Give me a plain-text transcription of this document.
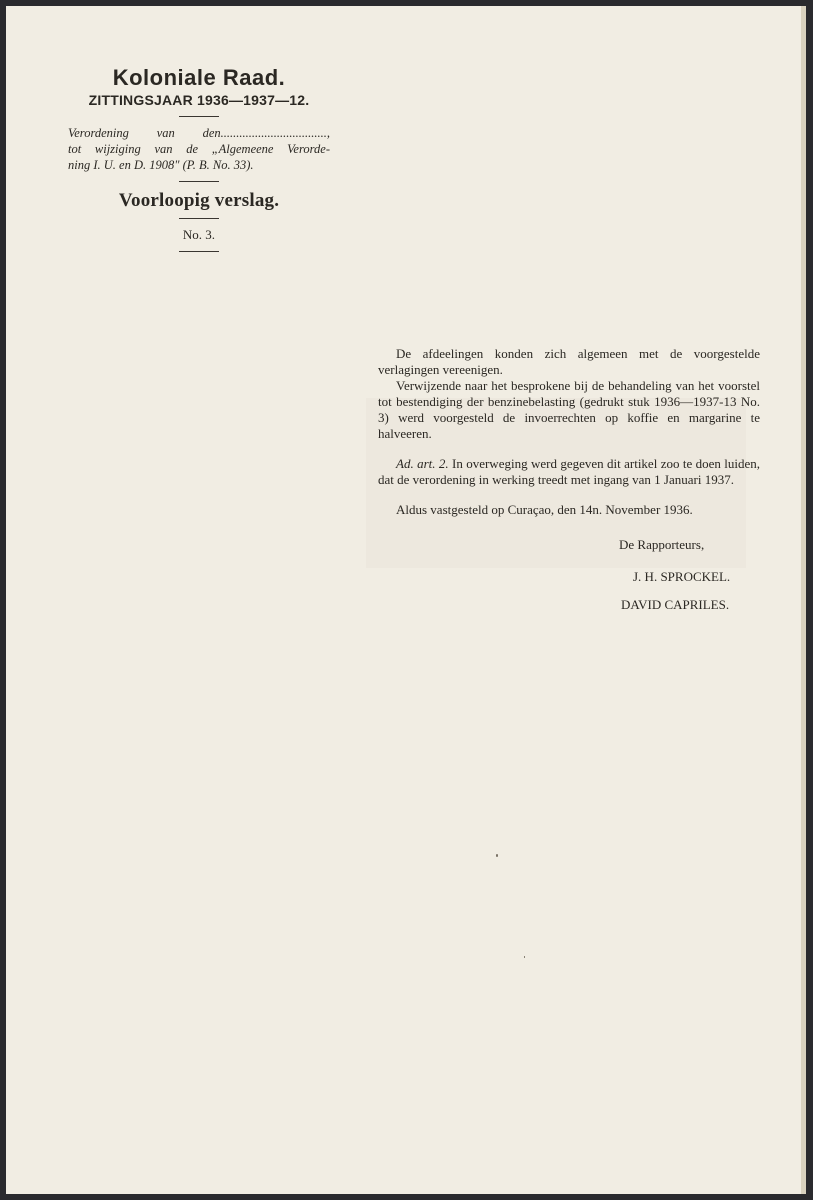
Koloniale Raad.
ZITTINGSJAAR 1936—1937—12.
Verordening van den..................................,
tot wijziging van de „Algemeene Verorde-
ning I. U. en D. 1908" (P. B. No. 33).
Voorloopig verslag.
No. 3.

De afdeelingen konden zich algemeen met de voorgestelde verlagingen vereenigen.

Verwijzende naar het besprokene bij de behandeling van het voorstel tot bestendiging der benzinebelasting (gedrukt stuk 1936—1937-13 No. 3) werd voorgesteld de invoerrechten op koffie en margarine te halveeren.

Ad. art. 2. In overweging werd gegeven dit artikel zoo te doen luiden, dat de verordening in werking treedt met ingang van 1 Januari 1937.

Aldus vastgesteld op Curaçao, den 14n. November 1936.

De Rapporteurs,
J. H. SPROCKEL.
DAVID CAPRILES.
